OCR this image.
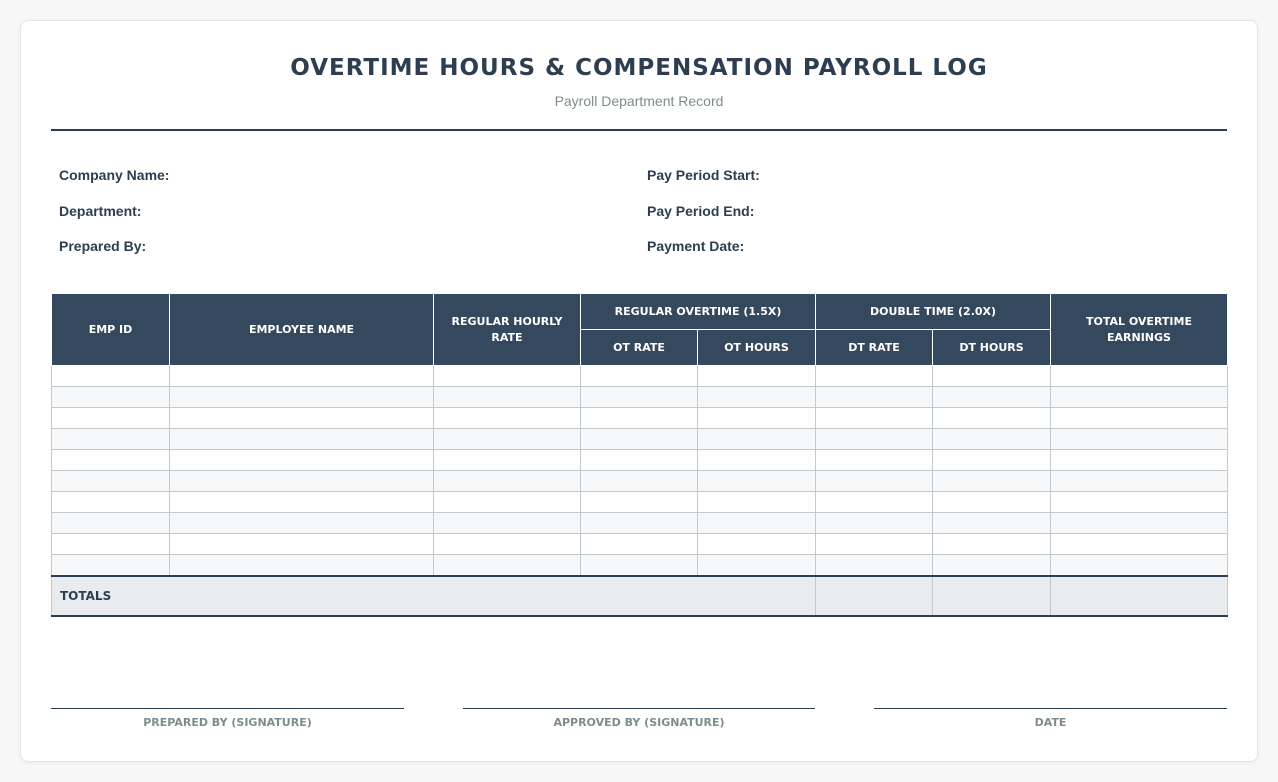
OVERTIME HOURS & COMPENSATION PAYROLL LOG
Payroll Department Record
Company Name:
Department:
Prepared By:
Pay Period Start:
Pay Period End:
Payment Date:
EMP ID	EMPLOYEE NAME	REGULAR HOURLY RATE	REGULAR OVERTIME (1.5X)		DOUBLE TIME (2.0X)		TOTAL OVERTIME EARNINGS
			OT RATE	OT HOURS	DT RATE	DT HOURS	

TOTALS							
PREPARED BY (SIGNATURE)	APPROVED BY (SIGNATURE)	DATE
